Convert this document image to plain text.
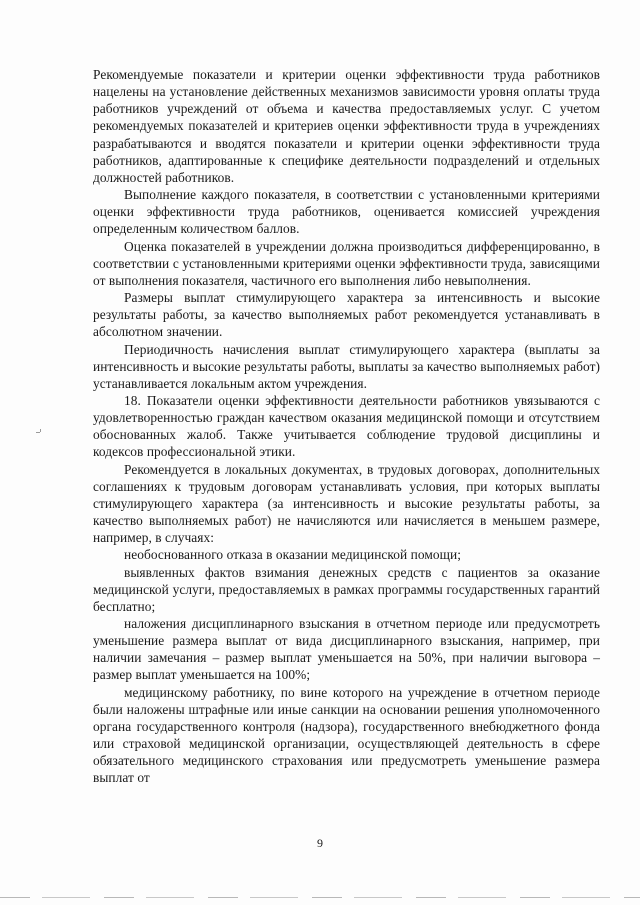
Рекомендуемые показатели и критерии оценки эффективности труда работников нацелены на установление действенных механизмов зависимости уровня оплаты труда работников учреждений от объема и качества предоставляемых услуг. С учетом рекомендуемых показателей и критериев оценки эффективности труда в учреждениях разрабатываются и вводятся показатели и критерии оценки эффективности труда работников, адаптированные к специфике деятельности подразделений и отдельных должностей работников.

Выполнение каждого показателя, в соответствии с установленными критериями оценки эффективности труда работников, оценивается комиссией учреждения определенным количеством баллов.

Оценка показателей в учреждении должна производиться дифференцированно, в соответствии с установленными критериями оценки эффективности труда, зависящими от выполнения показателя, частичного его выполнения либо невыполнения.

Размеры выплат стимулирующего характера за интенсивность и высокие результаты работы, за качество выполняемых работ рекомендуется устанавливать в абсолютном значении.

Периодичность начисления выплат стимулирующего характера (выплаты за интенсивность и высокие результаты работы, выплаты за качество выполняемых работ) устанавливается локальным актом учреждения.

18. Показатели оценки эффективности деятельности работников увязываются с удовлетворенностью граждан качеством оказания медицинской помощи и отсутствием обоснованных жалоб. Также учитывается соблюдение трудовой дисциплины и кодексов профессиональной этики.

Рекомендуется в локальных документах, в трудовых договорах, дополнительных соглашениях к трудовым договорам устанавливать условия, при которых выплаты стимулирующего характера (за интенсивность и высокие результаты работы, за качество выполняемых работ) не начисляются или начисляется в меньшем размере, например, в случаях:

необоснованного отказа в оказании медицинской помощи;

выявленных фактов взимания денежных средств с пациентов за оказание медицинской услуги, предоставляемых в рамках программы государственных гарантий бесплатно;

наложения дисциплинарного взыскания в отчетном периоде или предусмотреть уменьшение размера выплат от вида дисциплинарного взыскания, например, при наличии замечания – размер выплат уменьшается на 50%, при наличии выговора – размер выплат уменьшается на 100%;

медицинскому работнику, по вине которого на учреждение в отчетном периоде были наложены штрафные или иные санкции на основании решения уполномоченного органа государственного контроля (надзора), государственного внебюджетного фонда или страховой медицинской организации, осуществляющей деятельность в сфере обязательного медицинского страхования или предусмотреть уменьшение размера выплат от

9
